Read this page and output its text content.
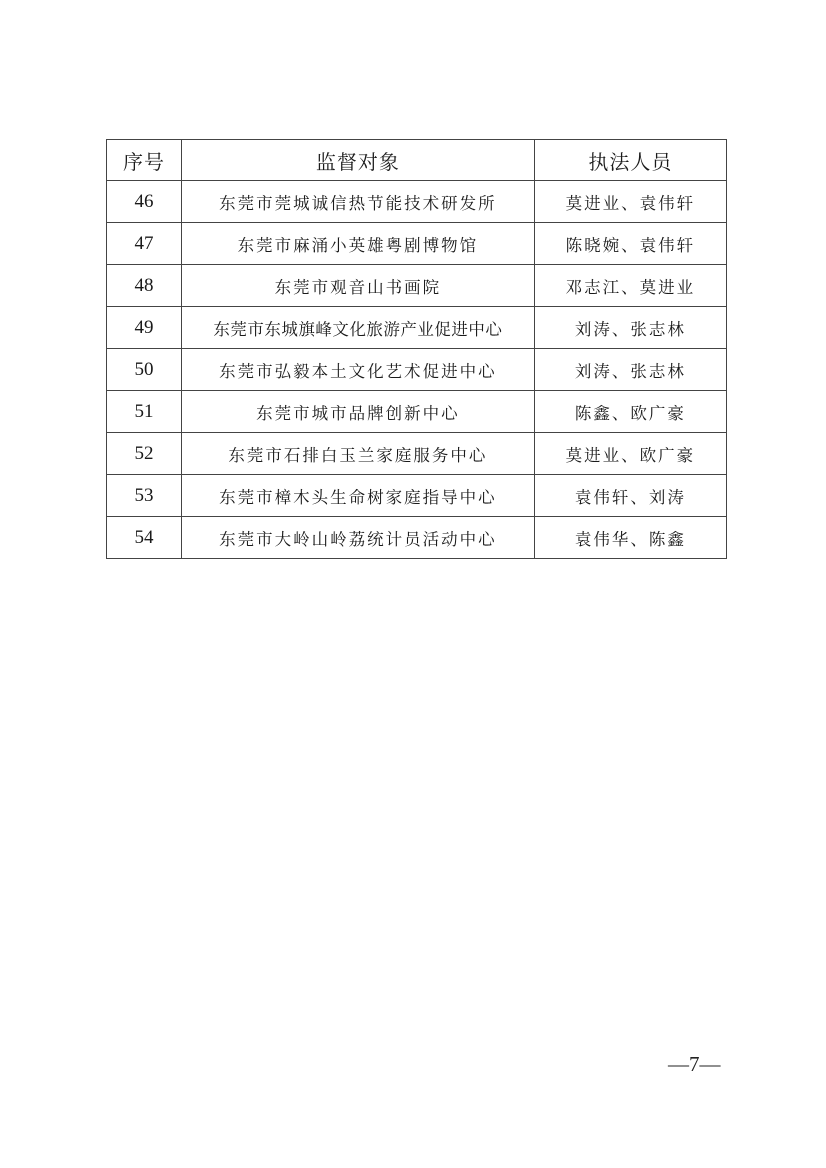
序号	监督对象	执法人员
46	东莞市莞城诚信热节能技术研发所	莫进业、袁伟轩
47	东莞市麻涌小英雄粤剧博物馆	陈晓婉、袁伟轩
48	东莞市观音山书画院	邓志江、莫进业
49	东莞市东城旗峰文化旅游产业促进中心	刘涛、张志林
50	东莞市弘毅本土文化艺术促进中心	刘涛、张志林
51	东莞市城市品牌创新中心	陈鑫、欧广豪
52	东莞市石排白玉兰家庭服务中心	莫进业、欧广豪
53	东莞市樟木头生命树家庭指导中心	袁伟轩、刘涛
54	东莞市大岭山岭荔统计员活动中心	袁伟华、陈鑫
—7—
